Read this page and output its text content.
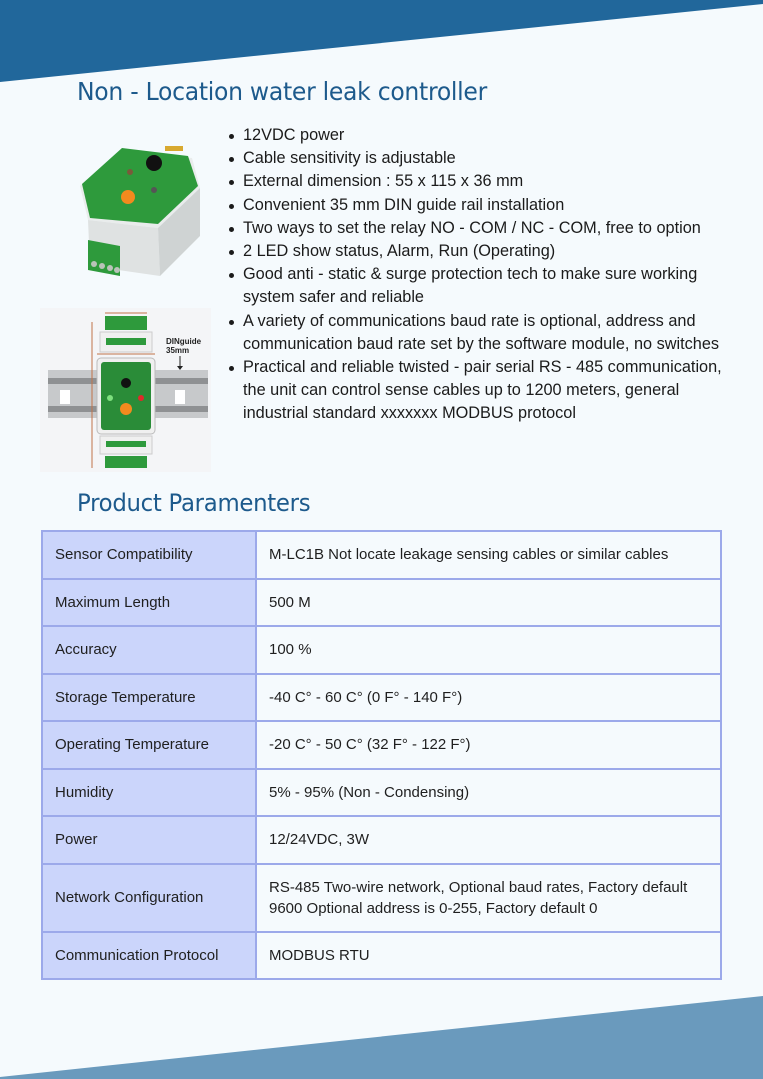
Non - Location water leak controller
DINguide
35mm
12VDC power
Cable sensitivity is adjustable
External dimension : 55 x 115 x 36 mm
Convenient 35 mm DIN guide rail installation
Two ways to set the relay NO - COM / NC - COM, free to option
2 LED show status, Alarm, Run (Operating)
Good anti - static & surge protection tech to make sure working system safer and reliable
A variety of communications baud rate is optional, address and communication baud rate set by the software module, no switches
Practical and reliable twisted - pair serial RS - 485 communication, the unit can control sense cables up to 1200 meters, general industrial standard xxxxxxx MODBUS protocol
Product Paramenters
Sensor Compatibility	M-LC1B Not locate leakage sensing cables or similar cables
Maximum Length	500 M
Accuracy	100 %
Storage Temperature	-40 C° - 60 C° (0 F° - 140 F°)
Operating Temperature	-20 C° - 50 C° (32 F° - 122 F°)
Humidity	5% - 95% (Non - Condensing)
Power	12/24VDC, 3W
Network Configuration	RS-485 Two-wire network, Optional baud rates, Factory default 9600 Optional address is 0-255, Factory default 0
Communication Protocol	MODBUS RTU
